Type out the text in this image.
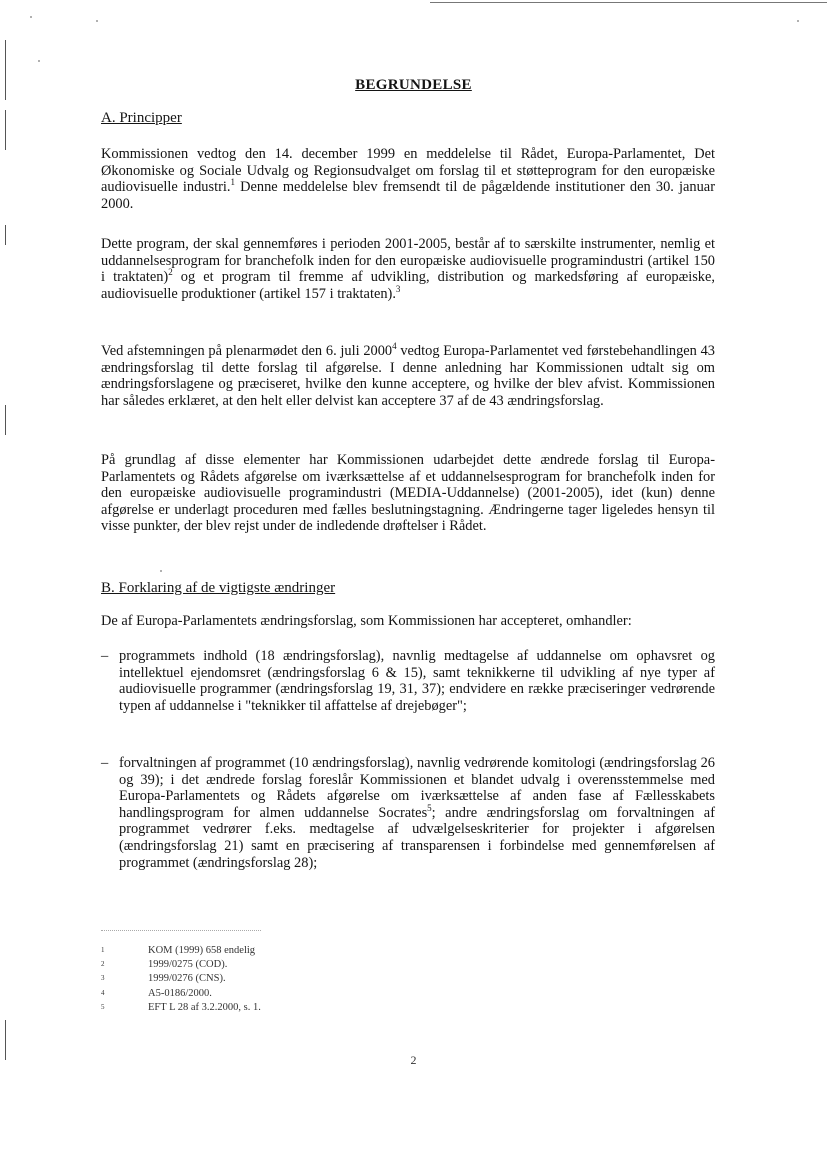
BEGRUNDELSE
A. Principper

Kommissionen vedtog den 14. december 1999 en meddelelse til Rådet, Europa-Parlamentet, Det Økonomiske og Sociale Udvalg og Regionsudvalget om forslag til et støtteprogram for den europæiske audiovisuelle industri.$^1$ Denne meddelelse blev fremsendt til de pågældende institutioner den 30. januar 2000.

Dette program, der skal gennemføres i perioden 2001-2005, består af to særskilte instrumenter, nemlig et uddannelsesprogram for branchefolk inden for den europæiske audiovisuelle programindustri (artikel 150 i traktaten)$^2$ og et program til fremme af udvikling, distribution og markedsføring af europæiske, audiovisuelle produktioner (artikel 157 i traktaten).$^3$

Ved afstemningen på plenarmødet den 6. juli 2000$^4$ vedtog Europa-Parlamentet ved førstebehandlingen 43 ændringsforslag til dette forslag til afgørelse. I denne anledning har Kommissionen udtalt sig om ændringsforslagene og præciseret, hvilke den kunne acceptere, og hvilke der blev afvist. Kommissionen har således erklæret, at den helt eller delvist kan acceptere 37 af de 43 ændringsforslag.

På grundlag af disse elementer har Kommissionen udarbejdet dette ændrede forslag til Europa-Parlamentets og Rådets afgørelse om iværksættelse af et uddannelsesprogram for branchefolk inden for den europæiske audiovisuelle programindustri (MEDIA-Uddannelse) (2001-2005), idet (kun) denne afgørelse er underlagt proceduren med fælles beslutningstagning. Ændringerne tager ligeledes hensyn til visse punkter, der blev rejst under de indledende drøftelser i Rådet.

B. Forklaring af de vigtigste ændringer

De af Europa-Parlamentets ændringsforslag, som Kommissionen har accepteret, omhandler:

– programmets indhold (18 ændringsforslag), navnlig medtagelse af uddannelse om ophavsret og intellektuel ejendomsret (ændringsforslag 6 & 15), samt teknikkerne til udvikling af nye typer af audiovisuelle programmer (ændringsforslag 19, 31, 37); endvidere en række præciseringer vedrørende typen af uddannelse i "teknikker til affattelse af drejebøger";

– forvaltningen af programmet (10 ændringsforslag), navnlig vedrørende komitologi (ændringsforslag 26 og 39); i det ændrede forslag foreslår Kommissionen et blandet udvalg i overensstemmelse med Europa-Parlamentets og Rådets afgørelse om iværksættelse af anden fase af Fællesskabets handlingsprogram for almen uddannelse Socrates$^5$; andre ændringsforslag om forvaltningen af programmet vedrører f.eks. medtagelse af udvælgelseskriterier for projekter i afgørelsen (ændringsforslag 21) samt en præcisering af transparensen i forbindelse med gennemførelsen af programmet (ændringsforslag 28);

1	KOM (1999) 658 endelig
2	1999/0275 (COD).
3	1999/0276 (CNS).
4	A5-0186/2000.
5	EFT L 28 af 3.2.2000, s. 1.
2
